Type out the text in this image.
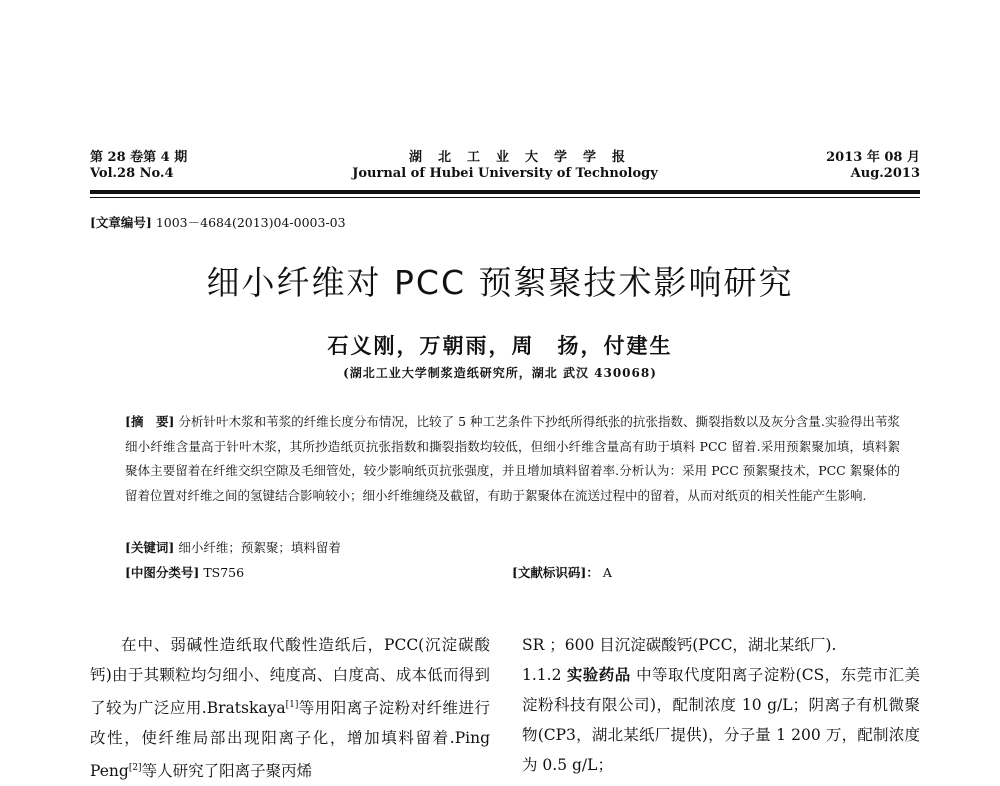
第 28 卷第 4 期
Vol.28 No.4
湖北工业大学学报
Journal of Hubei University of Technology
2013 年 08 月
Aug.2013
[文章编号] 1003－4684(2013)04-0003-03
细小纤维对 PCC 预絮聚技术影响研究
石义刚，万朝雨，周　扬，付建生
(湖北工业大学制浆造纸研究所，湖北 武汉 430068)
[摘　要] 分析针叶木浆和苇浆的纤维长度分布情况，比较了 5 种工艺条件下抄纸所得纸张的抗张指数、撕裂指数以及灰分含量.实验得出苇浆细小纤维含量高于针叶木浆，其所抄造纸页抗张指数和撕裂指数均较低，但细小纤维含量高有助于填料 PCC 留着.采用预絮聚加填，填料絮聚体主要留着在纤维交织空隙及毛细管处，较少影响纸页抗张强度，并且增加填料留着率.分析认为：采用 PCC 预絮聚技术，PCC 絮聚体的留着位置对纤维之间的氢键结合影响较小；细小纤维缠绕及截留，有助于絮聚体在流送过程中的留着，从而对纸页的相关性能产生影响.
[关键词] 细小纤维；预絮聚；填料留着
[中图分类号] TS756	[文献标识码]： A

在中、弱碱性造纸取代酸性造纸后，PCC(沉淀碳酸钙)由于其颗粒均匀细小、纯度高、白度高、成本低而得到了较为广泛应用.Bratskaya[1]等用阳离子淀粉对纤维进行改性，使纤维局部出现阳离子化，增加填料留着.Ping Peng[2]等人研究了阳离子聚丙烯

SR ；600 目沉淀碳酸钙(PCC，湖北某纸厂).

1.1.2 实验药品 中等取代度阳离子淀粉(CS，东莞市汇美淀粉科技有限公司)，配制浓度 10 g/L；阴离子有机微聚物(CP3，湖北某纸厂提供)，分子量 1 200 万，配制浓度为 0.5 g/L；
